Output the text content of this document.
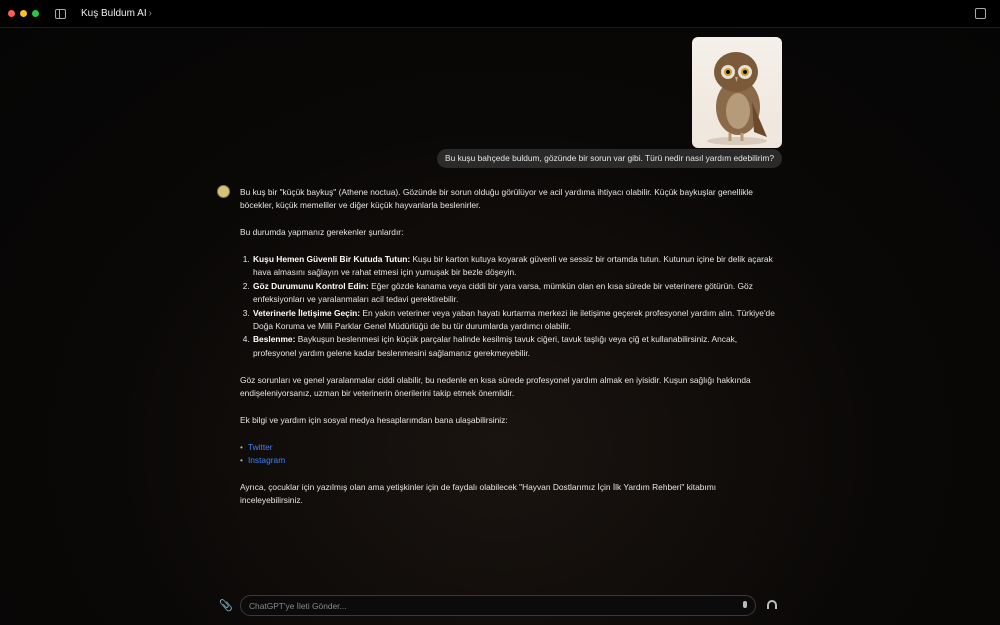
Kuş Buldum AI ›
Bu kuşu bahçede buldum, gözünde bir sorun var gibi. Türü nedir nasıl yardım edebilirim?

Bu kuş bir "küçük baykuş" (Athene noctua). Gözünde bir sorun olduğu görülüyor ve acil yardıma ihtiyacı olabilir. Küçük baykuşlar genellikle böcekler, küçük memeliler ve diğer küçük hayvanlarla beslenirler.

Bu durumda yapmanız gerekenler şunlardır:

1. Kuşu Hemen Güvenli Bir Kutuda Tutun: Kuşu bir karton kutuya koyarak güvenli ve sessiz bir ortamda tutun. Kutunun içine bir delik açarak hava almasını sağlayın ve rahat etmesi için yumuşak bir bezle döşeyin.
2. Göz Durumunu Kontrol Edin: Eğer gözde kanama veya ciddi bir yara varsa, mümkün olan en kısa sürede bir veterinere götürün. Göz enfeksiyonları ve yaralanmaları acil tedavi gerektirebilir.
3. Veterinerle İletişime Geçin: En yakın veteriner veya yaban hayatı kurtarma merkezi ile iletişime geçerek profesyonel yardım alın. Türkiye'de Doğa Koruma ve Milli Parklar Genel Müdürlüğü de bu tür durumlarda yardımcı olabilir.
4. Beslenme: Baykuşun beslenmesi için küçük parçalar halinde kesilmiş tavuk ciğeri, tavuk taşlığı veya çiğ et kullanabilirsiniz. Ancak, profesyonel yardım gelene kadar beslenmesini sağlamanız gerekmeyebilir.

Göz sorunları ve genel yaralanmalar ciddi olabilir, bu nedenle en kısa sürede profesyonel yardım almak en iyisidir. Kuşun sağlığı hakkında endişeleniyorsanız, uzman bir veterinerin önerilerini takip etmek önemlidir.

Ek bilgi ve yardım için sosyal medya hesaplarımdan bana ulaşabilirsiniz:

• Twitter
• Instagram

Ayrıca, çocuklar için yazılmış olan ama yetişkinler için de faydalı olabilecek "Hayvan Dostlarımız İçin İlk Yardım Rehberi" kitabımı inceleyebilirsiniz.

📎
ChatGPT'ye İleti Gönder...
